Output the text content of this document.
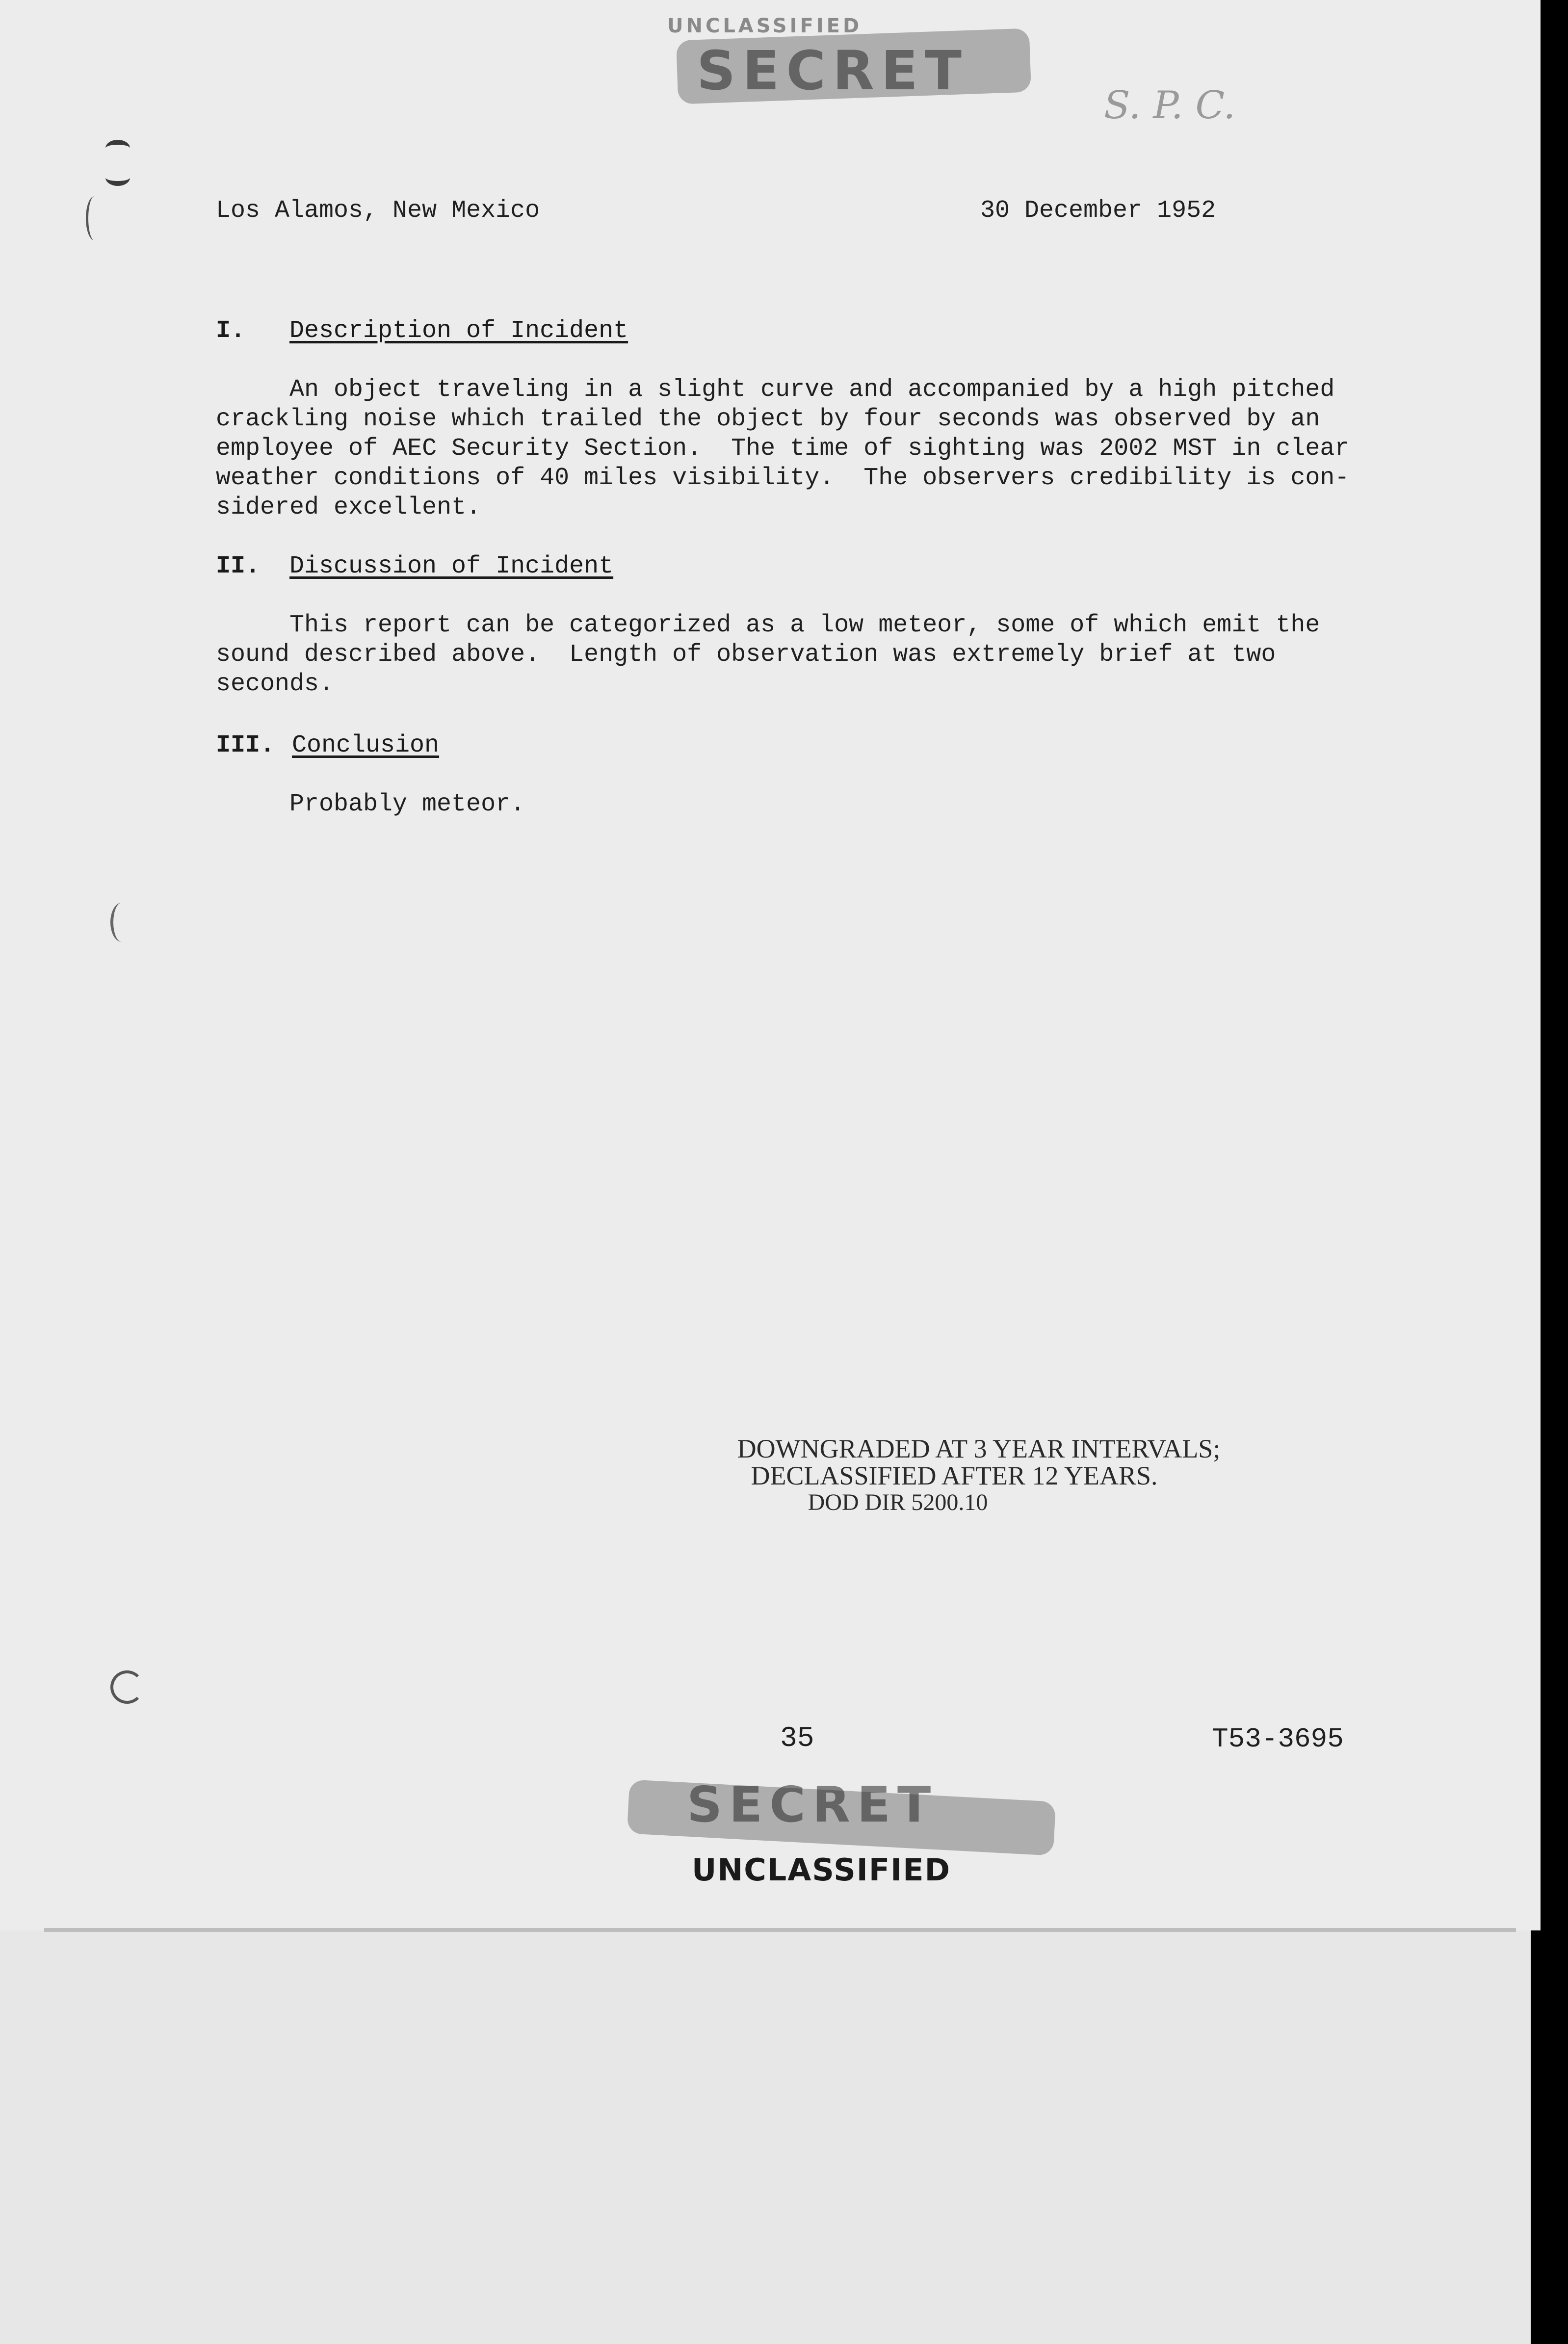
UNCLASSIFIED
SECRET
S. P. C.
Los Alamos, New Mexico	30 December 1952
I. Description of Incident
An object traveling in a slight curve and accompanied by a high pitched
crackling noise which trailed the object by four seconds was observed by an
employee of AEC Security Section.  The time of sighting was 2002 MST in clear
weather conditions of 40 miles visibility.  The observers credibility is con-
sidered excellent.
II. Discussion of Incident
This report can be categorized as a low meteor, some of which emit the
sound described above.  Length of observation was extremely brief at two
seconds.
III. Conclusion
Probably meteor.
DOWNGRADED AT 3 YEAR INTERVALS;
DECLASSIFIED AFTER 12 YEARS.
DOD DIR 5200.10
35	T53-3695
SECRET
UNCLASSIFIED
